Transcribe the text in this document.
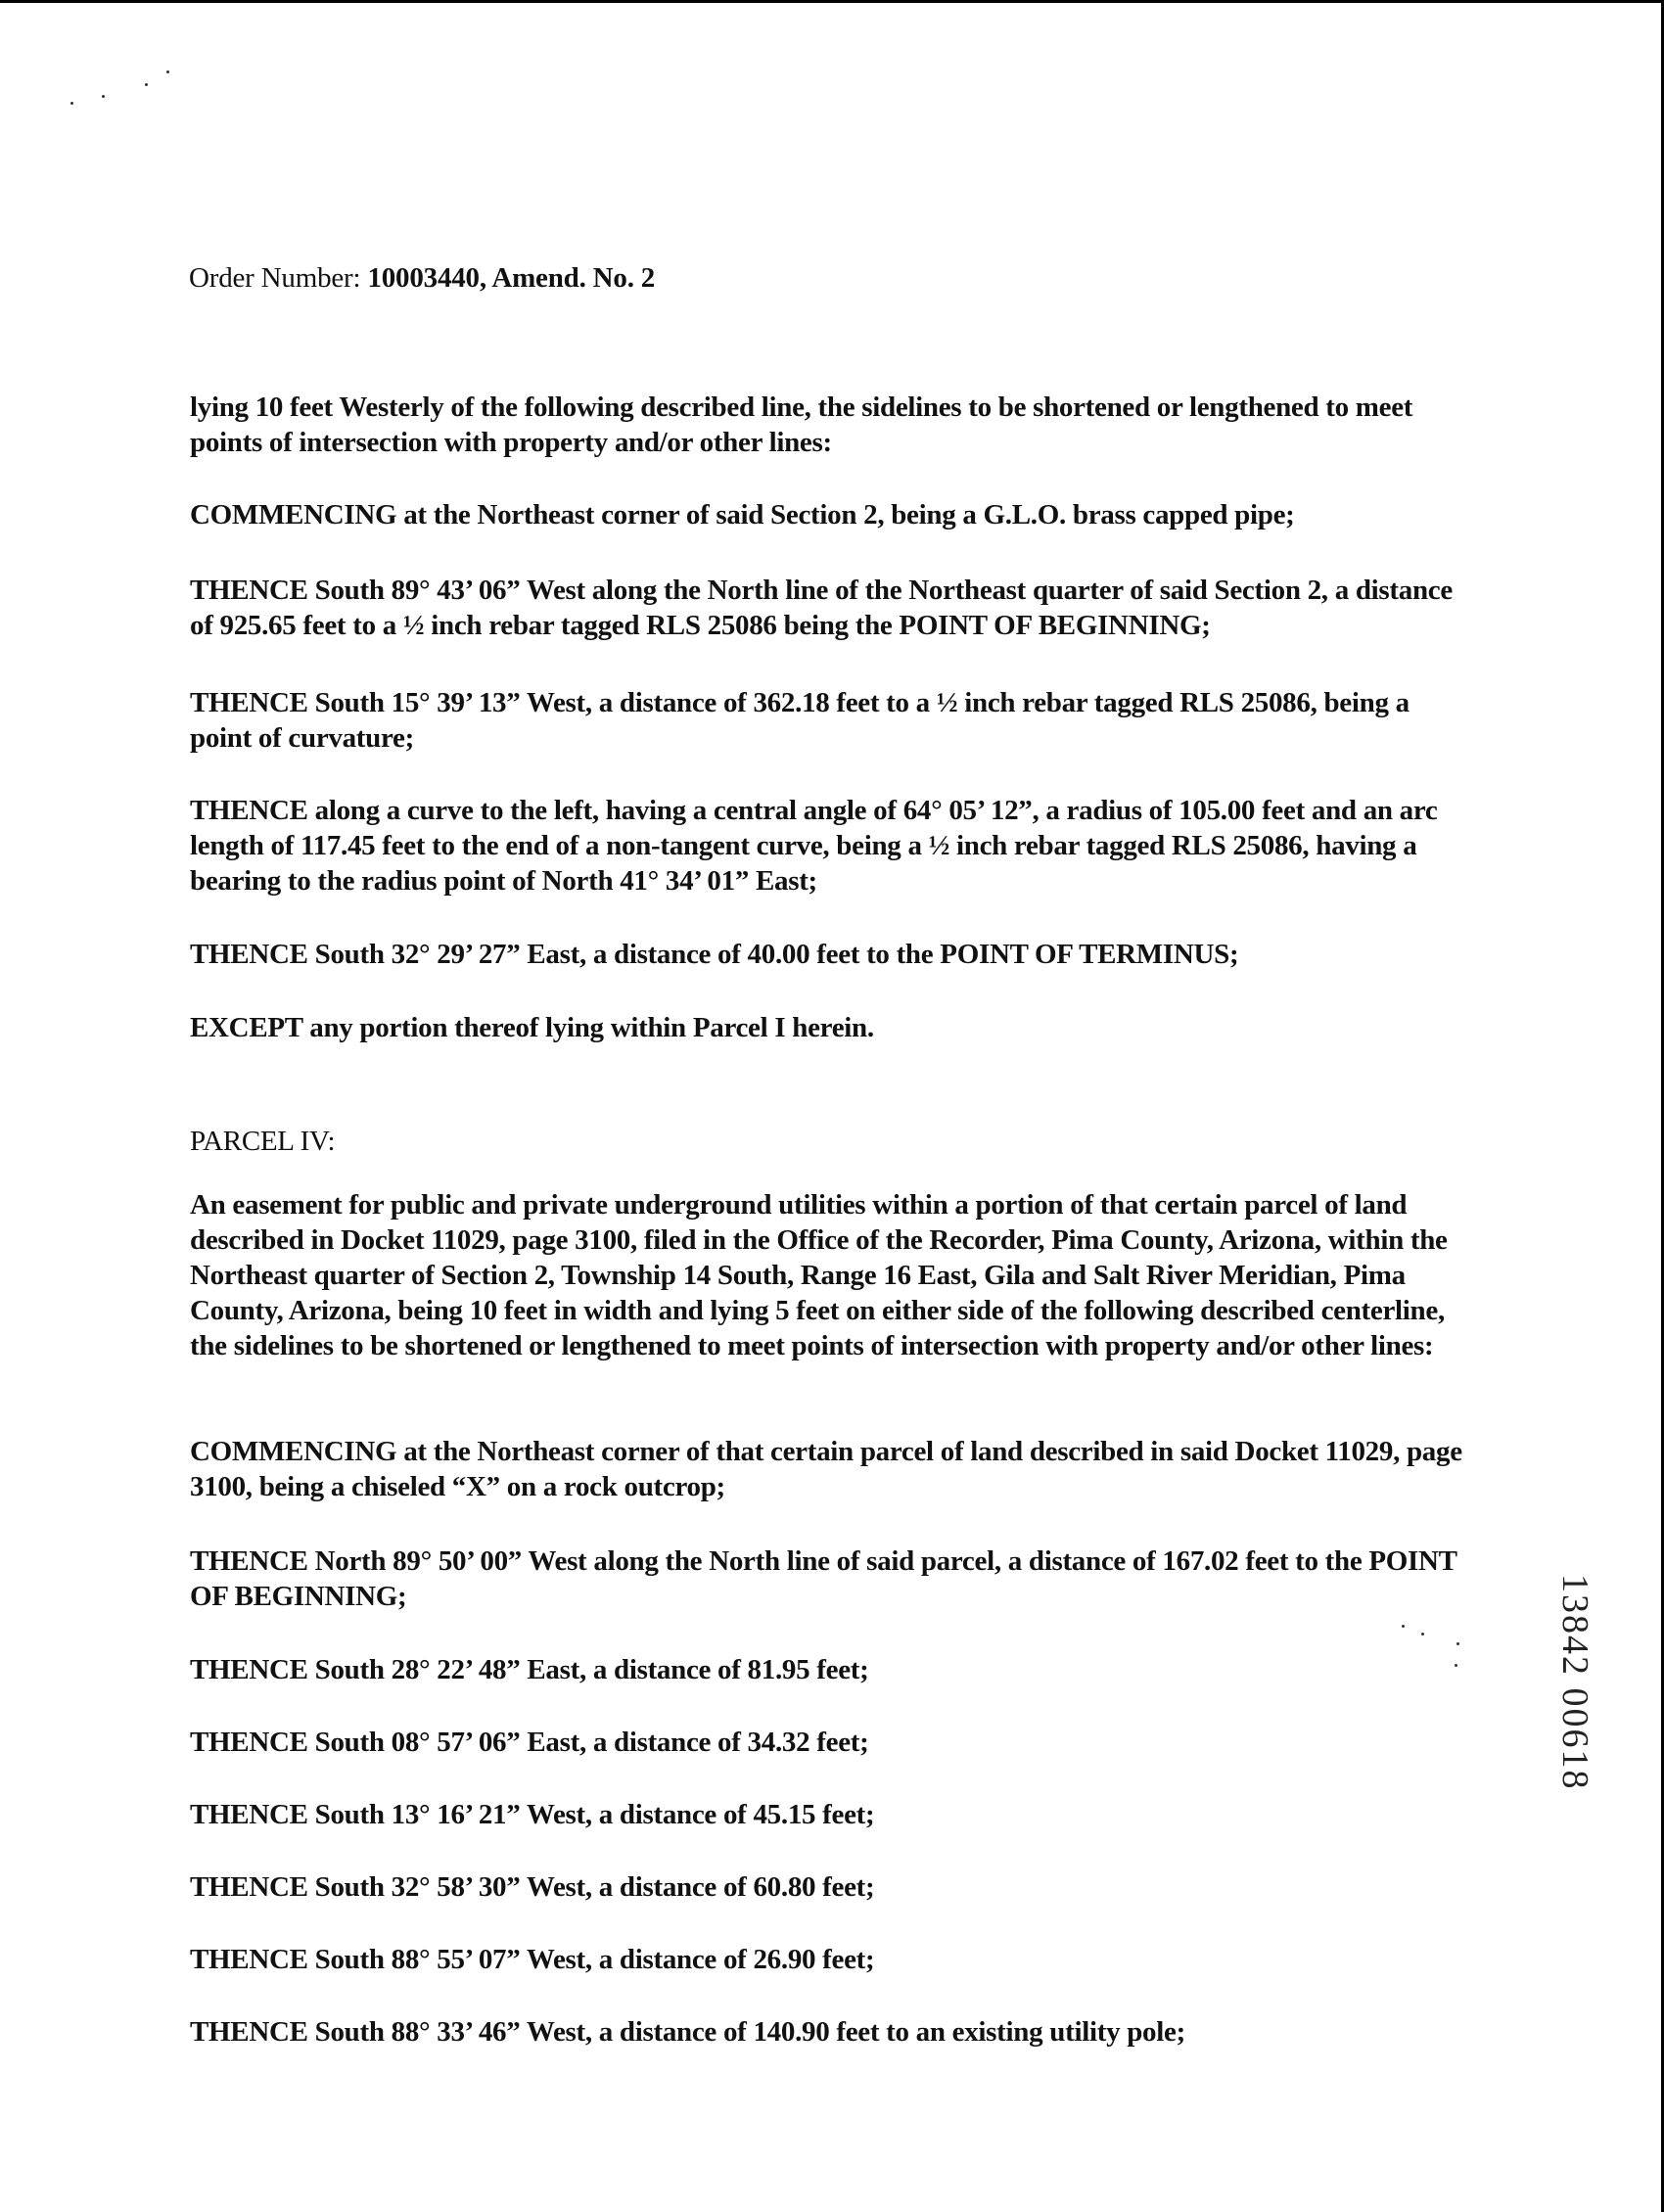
Order Number: 10003440, Amend. No. 2
lying 10 feet Westerly of the following described line, the sidelines to be shortened or lengthened to meet points of intersection with property and/or other lines:
COMMENCING at the Northeast corner of said Section 2, being a G.L.O. brass capped pipe;
THENCE South 89° 43’ 06” West along the North line of the Northeast quarter of said Section 2, a distance of 925.65 feet to a ½ inch rebar tagged RLS 25086 being the POINT OF BEGINNING;
THENCE South 15° 39’ 13” West, a distance of 362.18 feet to a ½ inch rebar tagged RLS 25086, being a point of curvature;
THENCE along a curve to the left, having a central angle of 64° 05’ 12”, a radius of 105.00 feet and an arc length of 117.45 feet to the end of a non-tangent curve, being a ½ inch rebar tagged RLS 25086, having a bearing to the radius point of North 41° 34’ 01” East;
THENCE South 32° 29’ 27” East, a distance of 40.00 feet to the POINT OF TERMINUS;
EXCEPT any portion thereof lying within Parcel I herein.
PARCEL IV:
An easement for public and private underground utilities within a portion of that certain parcel of land described in Docket 11029, page 3100, filed in the Office of the Recorder, Pima County, Arizona, within the Northeast quarter of Section 2, Township 14 South, Range 16 East, Gila and Salt River Meridian, Pima County, Arizona, being 10 feet in width and lying 5 feet on either side of the following described centerline, the sidelines to be shortened or lengthened to meet points of intersection with property and/or other lines:
COMMENCING at the Northeast corner of that certain parcel of land described in said Docket 11029, page 3100, being a chiseled “X” on a rock outcrop;
THENCE North 89° 50’ 00” West along the North line of said parcel, a distance of 167.02 feet to the POINT OF BEGINNING;
THENCE South 28° 22’ 48” East, a distance of 81.95 feet;
THENCE South 08° 57’ 06” East, a distance of 34.32 feet;
THENCE South 13° 16’ 21” West, a distance of 45.15 feet;
THENCE South 32° 58’ 30” West, a distance of 60.80 feet;
THENCE South 88° 55’ 07” West, a distance of 26.90 feet;
THENCE South 88° 33’ 46” West, a distance of 140.90 feet to an existing utility pole;
13842 00618
